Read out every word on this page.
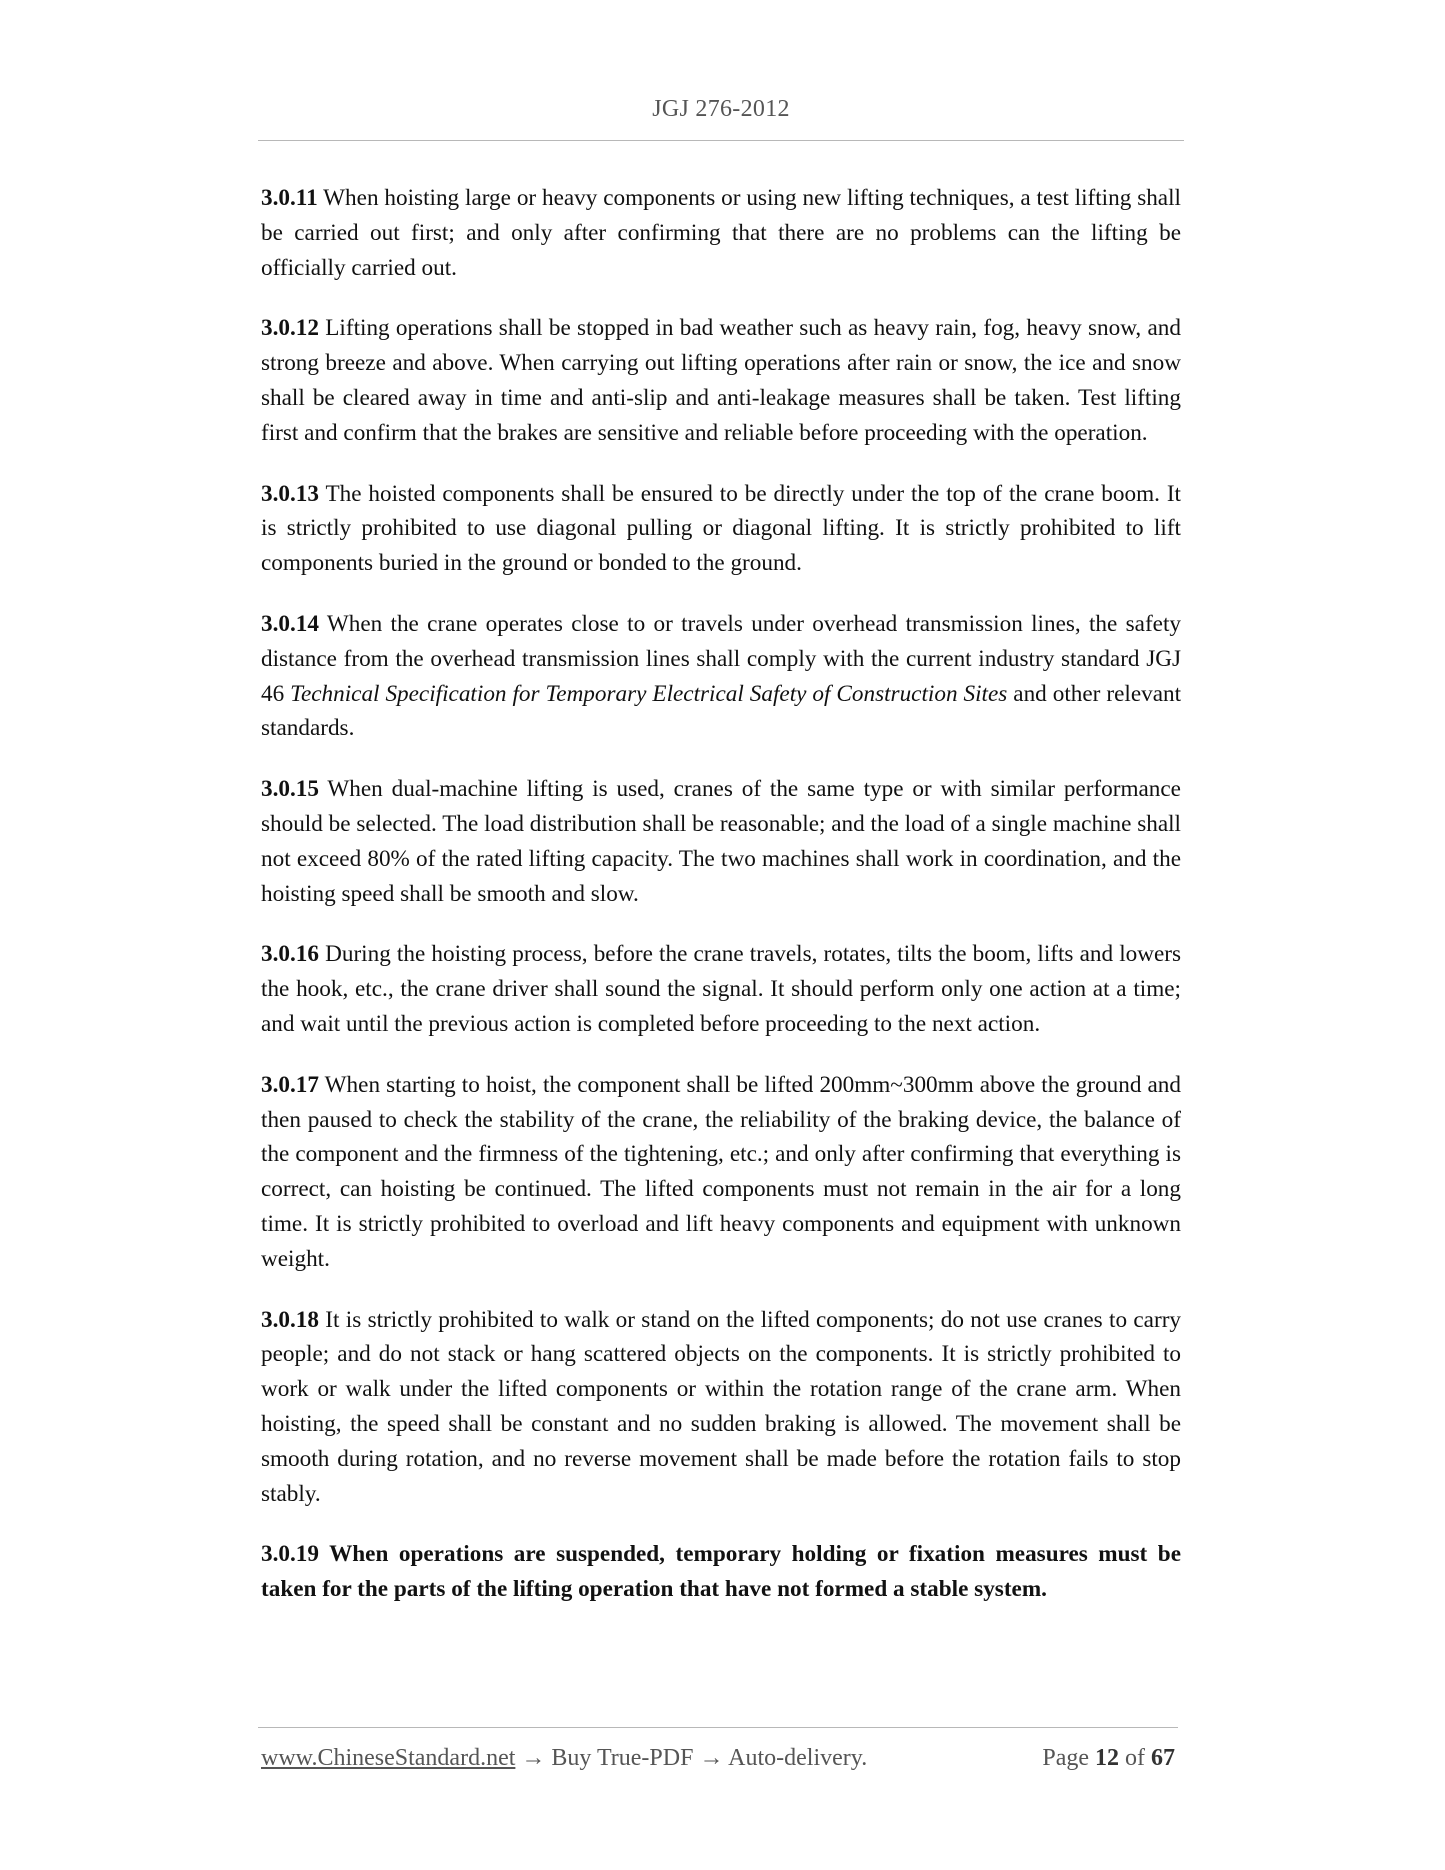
JGJ 276-2012

3.0.11 When hoisting large or heavy components or using new lifting techniques, a test lifting shall be carried out first; and only after confirming that there are no problems can the lifting be officially carried out.

3.0.12 Lifting operations shall be stopped in bad weather such as heavy rain, fog, heavy snow, and strong breeze and above. When carrying out lifting operations after rain or snow, the ice and snow shall be cleared away in time and anti-slip and anti-leakage measures shall be taken. Test lifting first and confirm that the brakes are sensitive and reliable before proceeding with the operation.

3.0.13 The hoisted components shall be ensured to be directly under the top of the crane boom. It is strictly prohibited to use diagonal pulling or diagonal lifting. It is strictly prohibited to lift components buried in the ground or bonded to the ground.

3.0.14 When the crane operates close to or travels under overhead transmission lines, the safety distance from the overhead transmission lines shall comply with the current industry standard JGJ 46 Technical Specification for Temporary Electrical Safety of Construction Sites and other relevant standards.

3.0.15 When dual-machine lifting is used, cranes of the same type or with similar performance should be selected. The load distribution shall be reasonable; and the load of a single machine shall not exceed 80% of the rated lifting capacity. The two machines shall work in coordination, and the hoisting speed shall be smooth and slow.

3.0.16 During the hoisting process, before the crane travels, rotates, tilts the boom, lifts and lowers the hook, etc., the crane driver shall sound the signal. It should perform only one action at a time; and wait until the previous action is completed before proceeding to the next action.

3.0.17 When starting to hoist, the component shall be lifted 200mm~300mm above the ground and then paused to check the stability of the crane, the reliability of the braking device, the balance of the component and the firmness of the tightening, etc.; and only after confirming that everything is correct, can hoisting be continued. The lifted components must not remain in the air for a long time. It is strictly prohibited to overload and lift heavy components and equipment with unknown weight.

3.0.18 It is strictly prohibited to walk or stand on the lifted components; do not use cranes to carry people; and do not stack or hang scattered objects on the components. It is strictly prohibited to work or walk under the lifted components or within the rotation range of the crane arm. When hoisting, the speed shall be constant and no sudden braking is allowed. The movement shall be smooth during rotation, and no reverse movement shall be made before the rotation fails to stop stably.

3.0.19 When operations are suspended, temporary holding or fixation measures must be taken for the parts of the lifting operation that have not formed a stable system.

www.ChineseStandard.net → Buy True-PDF → Auto-delivery.	Page 12 of 67
